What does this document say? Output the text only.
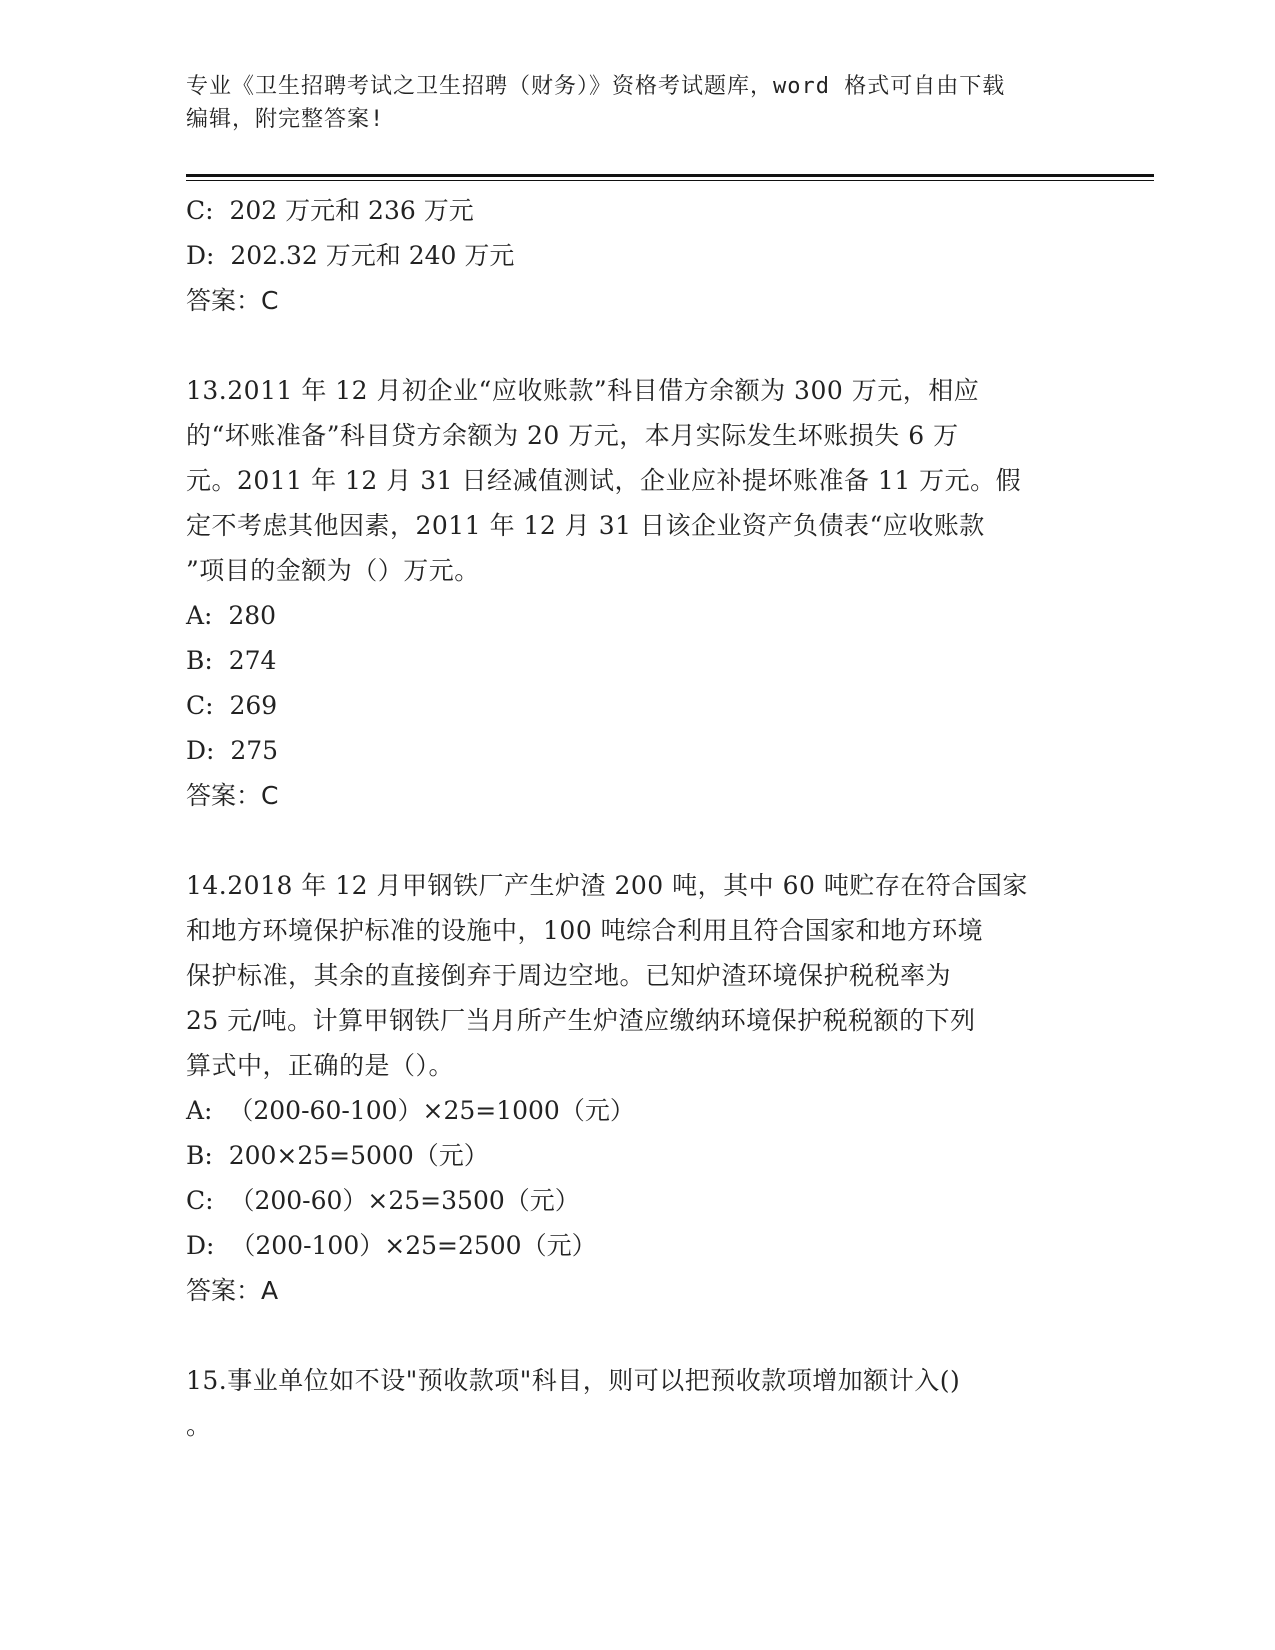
专业《卫生招聘考试之卫生招聘（财务）》资格考试题库，word 格式可自由下载
编辑，附完整答案!
C:  202 万元和 236 万元
D:  202.32 万元和 240 万元
答案：C
13.2011 年 12 月初企业“应收账款”科目借方余额为 300 万元，相应
的“坏账准备”科目贷方余额为 20 万元，本月实际发生坏账损失 6 万
元。2011 年 12 月 31 日经减值测试，企业应补提坏账准备 11 万元。假
定不考虑其他因素，2011 年 12 月 31 日该企业资产负债表“应收账款
”项目的金额为（）万元。
A:  280
B:  274
C:  269
D:  275
答案：C
14.2018 年 12 月甲钢铁厂产生炉渣 200 吨，其中 60 吨贮存在符合国家
和地方环境保护标准的设施中，100 吨综合利用且符合国家和地方环境
保护标准，其余的直接倒弃于周边空地。已知炉渣环境保护税税率为
25 元/吨。计算甲钢铁厂当月所产生炉渣应缴纳环境保护税税额的下列
算式中，正确的是（）。
A:  （200-60-100）×25=1000（元）
B:  200×25=5000（元）
C:  （200-60）×25=3500（元）
D:  （200-100）×25=2500（元）
答案：A
15.事业单位如不设"预收款项"科目，则可以把预收款项增加额计入()
。
